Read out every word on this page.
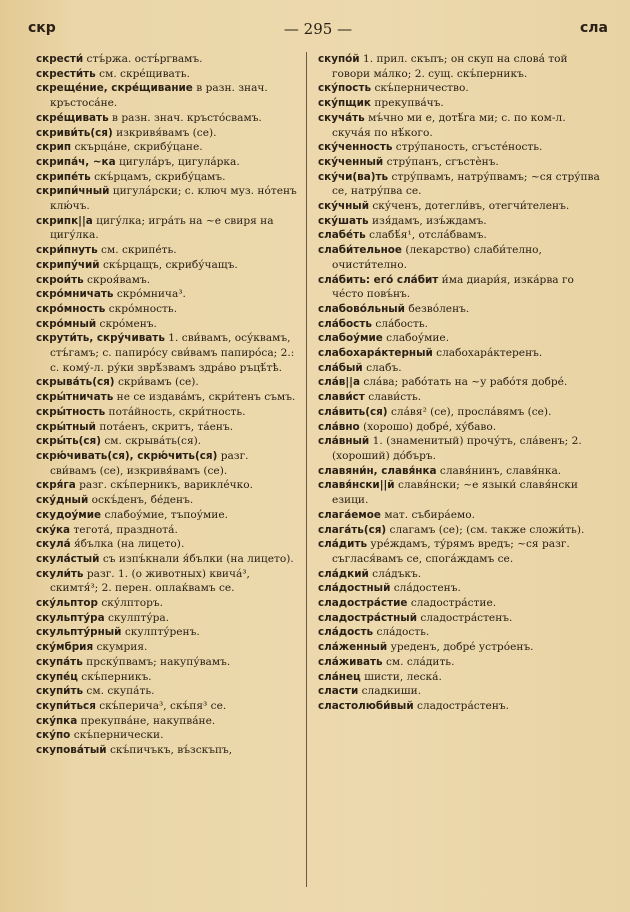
скр	— 295 —	сла

скрести́ стъ́ржа. остъ́ргвамъ.

скрести́ть см. скре́щивать.

скреще́ние, скре́щивание в разн. знач. кръстоса́не.

скре́щивать в разн. знач. кръсто́свамъ.

скриви́ть(ся) изкривя́вамъ (се).

скрип скърца́не, скрибу́цане.

скрипа́ч, ~ка цигула́ръ, цигула́рка.

скрипе́ть скъ́рцамъ, скрибу́цамъ.

скрипи́чный цигула́рски; с. ключ муз. но́тенъ клю́чъ.

скрипк||а цигу́лка; игра́ть на ~е свиря на цигу́лка.

скри́пнуть см. скрипе́ть.

скрипу́чий скъ́рцащъ, скрибу́чащъ.

скрои́ть скроя́вамъ.

скро́мничать скро́мнича³.

скро́мность скро́мность.

скро́мный скро́менъ.

скрути́ть, скру́чивать 1. сви́вамъ, осу́квамъ, стъ́гамъ; с. папиро́су сви́вамъ папиро́са; 2.: с. кому́-л. ру́ки зврѣ́звамъ здра́во ръцѣ́тѣ.

скрыва́ть(ся) скри́вамъ (се).

скры́тничать не се издава́мъ, скри́тенъ съмъ.

скры́тность пота́йность, скри́тность.

скры́тный пота́енъ, скритъ, та́енъ.

скры́ть(ся) см. скрыва́ть(ся).

скрю́чивать(ся), скрю́чить(ся) разг. сви́вамъ (се), изкривя́вамъ (се).

скря́га разг. скъ́перникъ, варикле́чко.

ску́дный оскъ́денъ, бе́денъ.

скудоу́мие слабоу́мие, тъпоу́мие.

ску́ка тегота́, празднота́.

скула́ я́бълка (на лицето).

скула́стый съ изпъ́кнали я́бълки (на лицето).

скули́ть разг. 1. (о животных) квича́³, скимтя́³; 2. перен. оплаќвамъ се.

ску́льптор ску́лпторъ.

скульпту́ра скулпту́ра.

скульпту́рный скулпту́ренъ.

ску́мбрия скумрия.

скупа́ть прску́пвамъ; накупу́вамъ.

скупе́ц скъ́перникъ.

скупи́ть см. скупа́ть.

скупи́ться скъ́перича³, скъ́пя³ се.

ску́пка прекупва́не, накупва́не.

ску́по скъ́пернически.

скупова́тый скъ́пичъкъ, въ́зскъпъ,

скупо́й 1. прил. скъпъ; он скуп на слова́ той говори ма́лко; 2. сущ. скъ́перникъ.

ску́пость скъ́перничество.

ску́пщик прекупва́чъ.

скуча́ть мъ́чно ми е, дотѣ́га ми; с. по ком-л. скуча́я по нѣ́кого.

ску́ченность стру́паность, сгъсте́ность.

ску́ченный стру́панъ, сгъстѐнъ.

ску́чи(ва)ть стру́пвамъ, натру́пвамъ; ~ся стру́пва се, натру́пва се.

ску́чный ску́ченъ, дотегли́въ, отегчи́теленъ.

ску́шать изя́дамъ, изъ́ждамъ.

слабе́ть слабѣ́я¹, отсла́бвамъ.

слаби́тельное (лекарство) слаби́телно, очисти́телно.

сла́бить: его́ сла́бит и́ма диари́я, изка́рва го че́сто повъ́нъ.

слабово́льный безво́ленъ.

сла́бость сла́бость.

слабоу́мие слабоу́мие.

слабохара́ктерный слабохара́ктеренъ.

сла́бый слабъ.

сла́в||а сла́ва; рабо́тать на ~у рабо́тя добре́.

слави́ст слави́сть.

сла́вить(ся) сла́вя² (се), просла́вямъ (се).

сла́вно (хорошо) добре́, ху́баво.

сла́вный 1. (знаменитый) прочу́тъ, сла́венъ; 2. (хороший) до́бъръ.

славяни́н, славя́нка славя́нинъ, славя́нка.

славя́нски||й славя́нски; ~е языки́ славя́нски езици.

слага́емое мат. събира́емо.

слага́ть(ся) слагамъ (се); (см. также сложи́ть).

сла́дить уре́ждамъ, ту́рямъ вредъ; ~ся разг. съглася́вамъ се, спога́ждамъ се.

сла́дкий сла́дъкъ.

сла́достный сла́достенъ.

сладостра́стие сладостра́стие.

сладостра́стный сладостра́стенъ.

сла́дость сла́дость.

сла́женный уреденъ, добре́ устро́енъ.

сла́живать см. сла́дить.

сла́нец шисти, леска́.

сласти сладкиши.

сластолюби́вый сладостра́стенъ.
